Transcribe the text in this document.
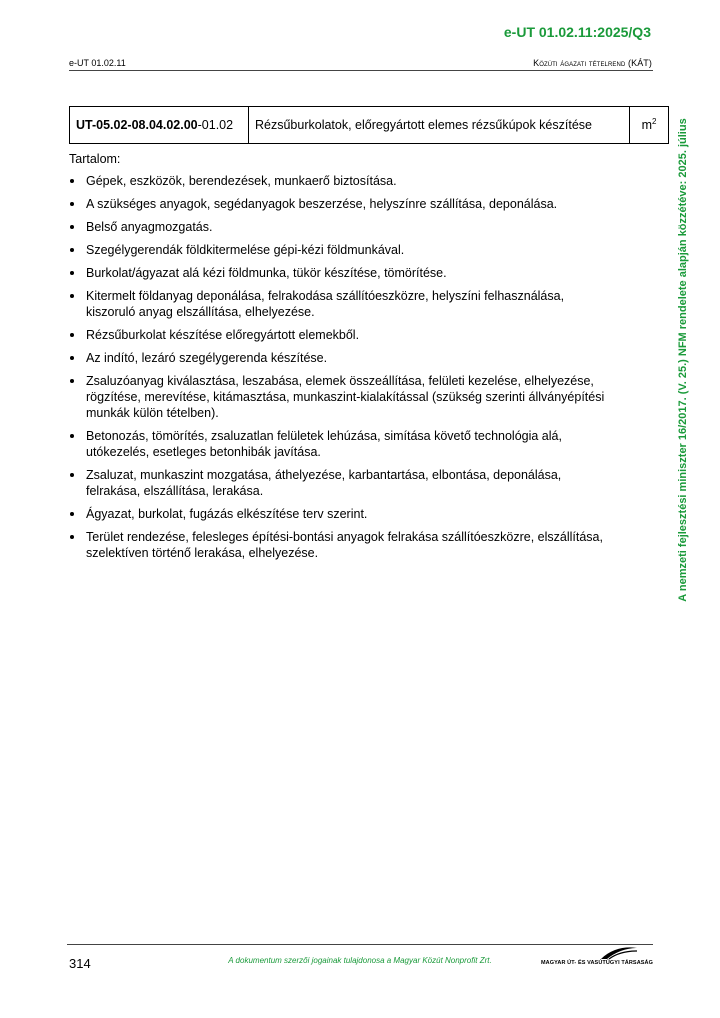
e-UT 01.02.11:2025/Q3
e-UT 01.02.11	Közúti ágazati tételrend (KÁT)
A nemzeti fejlesztési miniszter 16/2017. (V. 25.) NFM rendelete alapján közzétéve: 2025. július
UT-05.02-08.04.02.00-01.02	Rézsűburkolatok, előregyártott elemes rézsűkúpok készítése	$m^2$

Tartalom:

Gépek, eszközök, berendezések, munkaerő biztosítása.
A szükséges anyagok, segédanyagok beszerzése, helyszínre szállítása, deponálása.
Belső anyagmozgatás.
Szegélygerendák földkitermelése gépi-kézi földmunkával.
Burkolat/ágyazat alá kézi földmunka, tükör készítése, tömörítése.
Kitermelt földanyag deponálása, felrakodása szállítóeszközre, helyszíni felhasználása, kiszoruló anyag elszállítása, elhelyezése.
Rézsűburkolat készítése előregyártott elemekből.
Az indító, lezáró szegélygerenda készítése.
Zsaluzóanyag kiválasztása, leszabása, elemek összeállítása, felületi kezelése, elhelyezése, rögzítése, merevítése, kitámasztása, munkaszint-kialakítással (szükség szerinti állványépítési munkák külön tételben).
Betonozás, tömörítés, zsaluzatlan felületek lehúzása, simítása követő technológia alá, utókezelés, esetleges betonhibák javítása.
Zsaluzat, munkaszint mozgatása, áthelyezése, karbantartása, elbontása, deponálása, felrakása, elszállítása, lerakása.
Ágyazat, burkolat, fugázás elkészítése terv szerint.
Terület rendezése, felesleges építési-bontási anyagok felrakása szállítóeszközre, elszállítása, szelektíven történő lerakása, elhelyezése.
314	A dokumentum szerzői jogainak tulajdonosa a Magyar Közút Nonprofit Zrt.	MAGYAR ÚT- ÉS VASÚTÜGYI TÁRSASÁG
